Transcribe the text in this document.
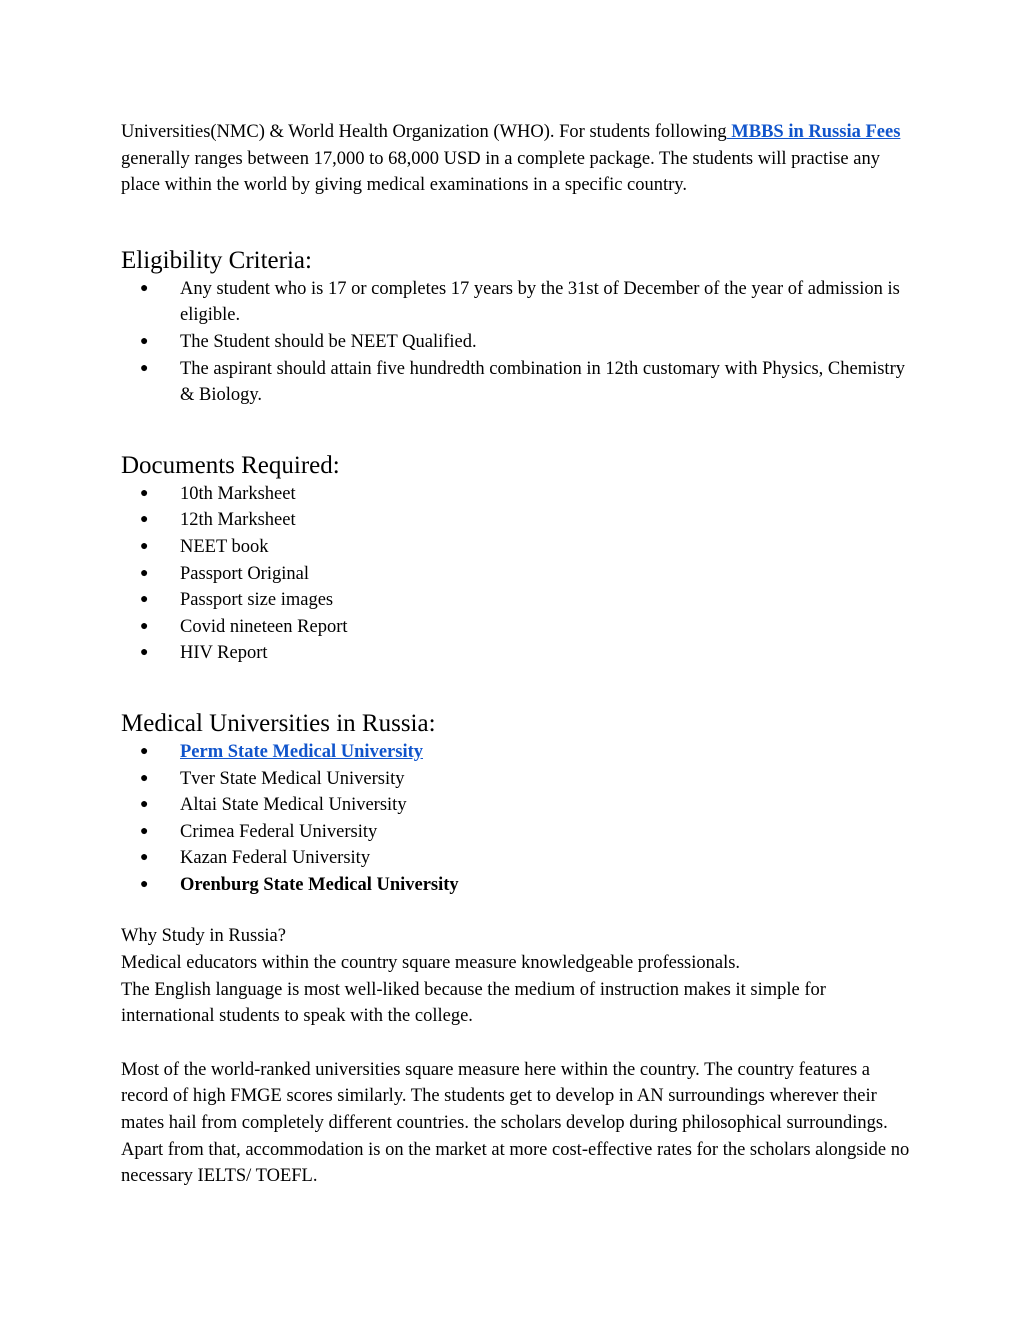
Universities(NMC) & World Health Organization (WHO). For students following MBBS in Russia Fees generally ranges between 17,000 to 68,000 USD in a complete package. The students will practise any place within the world by giving medical examinations in a specific country.

Eligibility Criteria:
● Any student who is 17 or completes 17 years by the 31st of December of the year of admission is eligible.
● The Student should be NEET Qualified.
● The aspirant should attain five hundredth combination in 12th customary with Physics, Chemistry & Biology.
Documents Required:
● 10th Marksheet
● 12th Marksheet
● NEET book
● Passport Original
● Passport size images
● Covid nineteen Report
● HIV Report
Medical Universities in Russia:
● Perm State Medical University
● Tver State Medical University
● Altai State Medical University
● Crimea Federal University
● Kazan Federal University
● Orenburg State Medical University

Why Study in Russia?

Medical educators within the country square measure knowledgeable professionals.

The English language is most well-liked because the medium of instruction makes it simple for international students to speak with the college.

Most of the world-ranked universities square measure here within the country. The country features a record of high FMGE scores similarly. The students get to develop in AN surroundings wherever their mates hail from completely different countries. the scholars develop during philosophical surroundings. Apart from that, accommodation is on the market at more cost-effective rates for the scholars alongside no necessary IELTS/ TOEFL.
